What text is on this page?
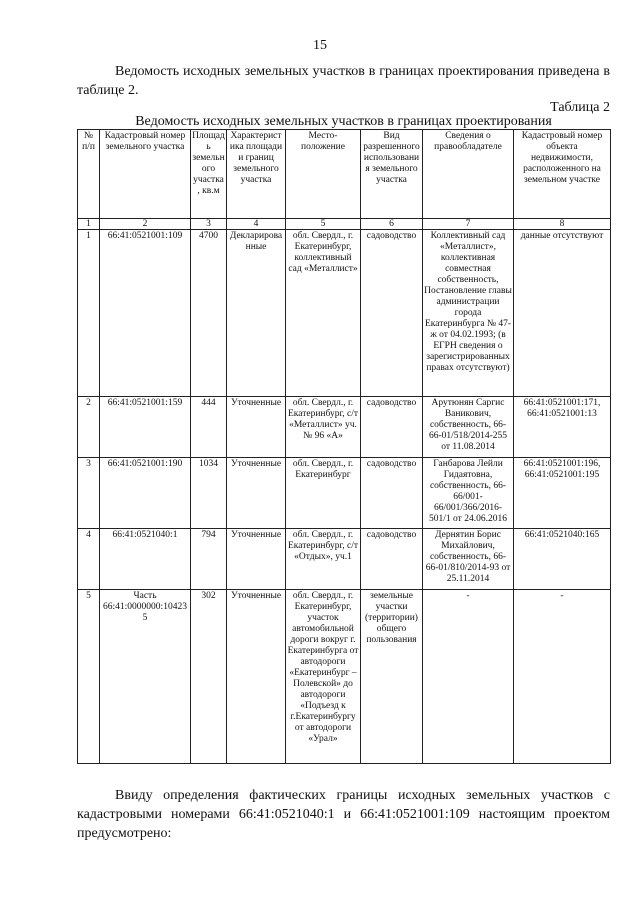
15
Ведомость исходных земельных участков в границах проектирования приведена в таблице 2.
Таблица 2
Ведомость исходных земельных участков в границах проектирования
№ п/п	Кадастровый номер земельного участка	Площадь земельного участка, кв.м	Характеристика площади и границ земельного участка	Место-положение	Вид разрешенного использования земельного участка	Сведения о правообладателе	Кадастровый номер объекта недвижимости, расположенного на земельном участке
1	2	3	4	5	6	7	8
1	66:41:0521001:109	4700	Декларированные	обл. Свердл., г. Екатеринбург, коллективный сад «Металлист»	садоводство	Коллективный сад «Металлист», коллективная совместная собственность, Постановление главы администрации города Екатеринбурга № 47-ж от 04.02.1993; (в ЕГРН сведения о зарегистрированных правах отсутствуют)	данные отсутствуют
2	66:41:0521001:159	444	Уточненные	обл. Свердл., г. Екатеринбург, с/т «Металлист» уч. № 96 «А»	садоводство	Арутюнян Саргис Ваникович, собственность, 66-66-01/518/2014-255 от 11.08.2014	66:41:0521001:171, 66:41:0521001:13
3	66:41:0521001:190	1034	Уточненные	обл. Свердл., г. Екатеринбург	садоводство	Ганбарова Лейли Гидаятовна, собственность, 66-66/001-66/001/366/2016-501/1 от 24.06.2016	66:41:0521001:196, 66:41:0521001:195
4	66:41:0521040:1	794	Уточненные	обл. Свердл., г. Екатеринбург, с/т «Отдых», уч.1	садоводство	Дернятин Борис Михайлович, собственность, 66-66-01/810/2014-93 от 25.11.2014	66:41:0521040:165
5	Часть 66:41:0000000:104235	302	Уточненные	обл. Свердл., г. Екатеринбург, участок автомобильной дороги вокруг г. Екатеринбурга от автодороги «Екатеринбург – Полевской» до автодороги «Подъезд к г.Екатеринбургу от автодороги «Урал»	земельные участки (территории) общего пользования	-	-
Ввиду определения фактических границы исходных земельных участков с кадастровыми номерами 66:41:0521040:1 и 66:41:0521001:109 настоящим проектом предусмотрено:
